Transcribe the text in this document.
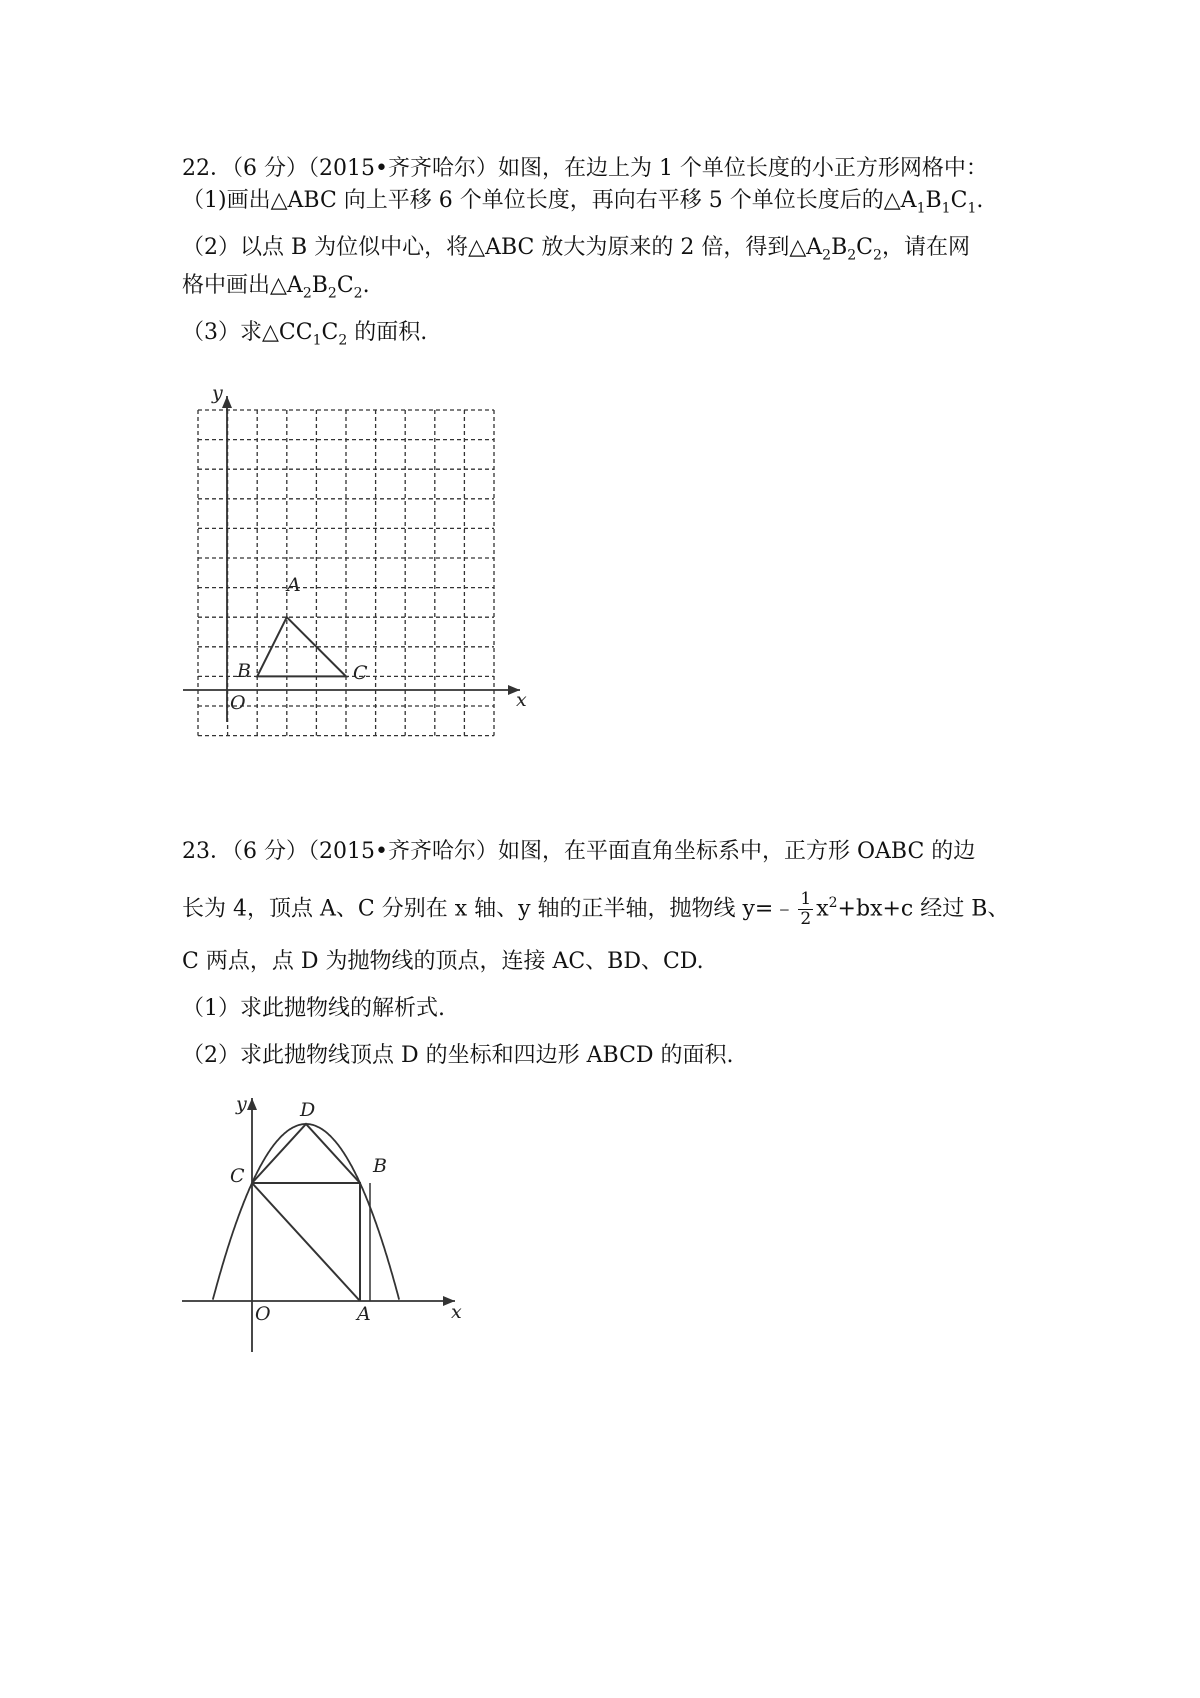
22．（6 分）（2015•齐齐哈尔）如图，在边上为 1 个单位长度的小正方形网格中：
（1)画出△ABC 向上平移 6 个单位长度，再向右平移 5 个单位长度后的$\triangle A_1B_1C_1$.
（2）以点 B 为位似中心，将△ABC 放大为原来的 2 倍，得到$\triangle A_2B_2C_2$，请在网
格中画出$\triangle A_2B_2C_2$.
（3）求$\triangle CC_1C_2$ 的面积.
y
x
O
A
B	C
23．（6 分）（2015•齐齐哈尔）如图，在平面直角坐标系中，正方形 OABC 的边
长为 4，顶点 A、C 分别在 x 轴、y 轴的正半轴，抛物线 y=﹣ $\frac{1}{2} x^2+bx+c$ 经过 B、
C 两点，点 D 为抛物线的顶点，连接 AC、BD、CD.
（1）求此抛物线的解析式.
（2）求此抛物线顶点 D 的坐标和四边形 ABCD 的面积.
y
x
O	A
B
C
D
